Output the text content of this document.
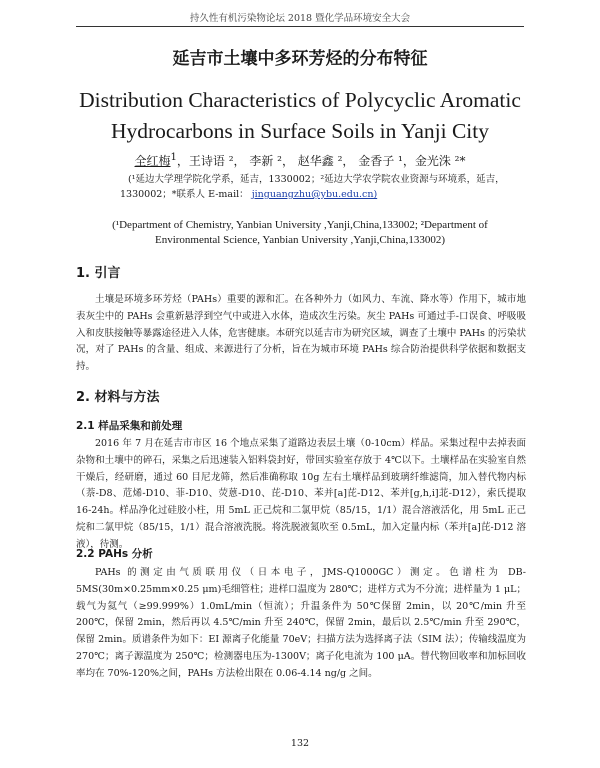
持久性有机污染物论坛 2018 暨化学品环境安全大会
延吉市土壤中多环芳烃的分布特征
Distribution Characteristics of Polycyclic Aromatic
Hydrocarbons in Surface Soils in Yanji City
全红梅$^1$，王诗语 ²， 李新 ²， 赵华鑫 ²， 金香子 ¹，金光洙 ²*
(¹延边大学理学院化学系，延吉，1330002；²延边大学农学院农业资源与环境系，延吉，1330002；*联系人 E-mail： jinguangzhu@ybu.edu.cn)
(¹Department of Chemistry, Yanbian University ,Yanji,China,133002; ²Department of Environmental Science, Yanbian University ,Yanji,China,133002)
1. 引言
土壤是环境多环芳烃（PAHs）重要的源和汇。在各种外力（如风力、车流、降水等）作用下，城市地表灰尘中的 PAHs 会重新悬浮到空气中或进入水体，造成次生污染。灰尘 PAHs 可通过手-口误食、呼吸吸入和皮肤接触等暴露途径进入人体，危害健康。本研究以延吉市为研究区域，调查了土壤中 PAHs 的污染状况，对了 PAHs 的含量、组成、来源进行了分析，旨在为城市环境 PAHs 综合防治提供科学依据和数据支持。
2. 材料与方法
2.1 样品采集和前处理
2016 年 7 月在延吉市市区 16 个地点采集了道路边表层土壤（0-10cm）样品。采集过程中去掉表面杂物和土壤中的碎石，采集之后迅速装入铝料袋封好，带回实验室存放于 4℃以下。土壤样品在实验室自然干燥后，经研磨，通过 60 目尼龙筛，然后准确称取 10g 左右土壤样品到玻璃纤维滤筒，加入替代物内标（萘-D8、苊烯-D10、菲-D10、荧蒽-D10、芘-D10、苯并[a]芘-D12、苯并[g,h,i]苝-D12），索氏提取 16-24h。样品净化过硅胶小柱，用 5mL 正己烷和二氯甲烷（85/15，1/1）混合溶液活化，用 5mL 正己烷和二氯甲烷（85/15，1/1）混合溶液洗脱。将洗脱液氮吹至 0.5mL，加入定量内标（苯并[a]芘-D12 溶液），待测。
2.2 PAHs 分析
PAHs 的测定由气质联用仪（日本电子，JMS-Q1000GC）测定。色谱柱为 DB-5MS(30m×0.25mm×0.25 μm)毛细管柱；进样口温度为 280℃；进样方式为不分流；进样量为 1 μL；载气为氦气（≥99.999%）1.0mL/min（恒流）；升温条件为 50℃保留 2min，以 20℃/min 升至 200℃，保留 2min，然后再以 4.5℃/min 升至 240℃，保留 2min，最后以 2.5℃/min 升至 290℃，保留 2min。质谱条件为如下：EI 源离子化能量 70eV；扫描方法为选择离子法（SIM 法）；传输线温度为 270℃；离子源温度为 250℃；检测器电压为-1300V；离子化电流为 100 μA。替代物回收率和加标回收率均在 70%-120%之间，PAHs 方法检出限在 0.06-4.14 ng/g 之间。
132
